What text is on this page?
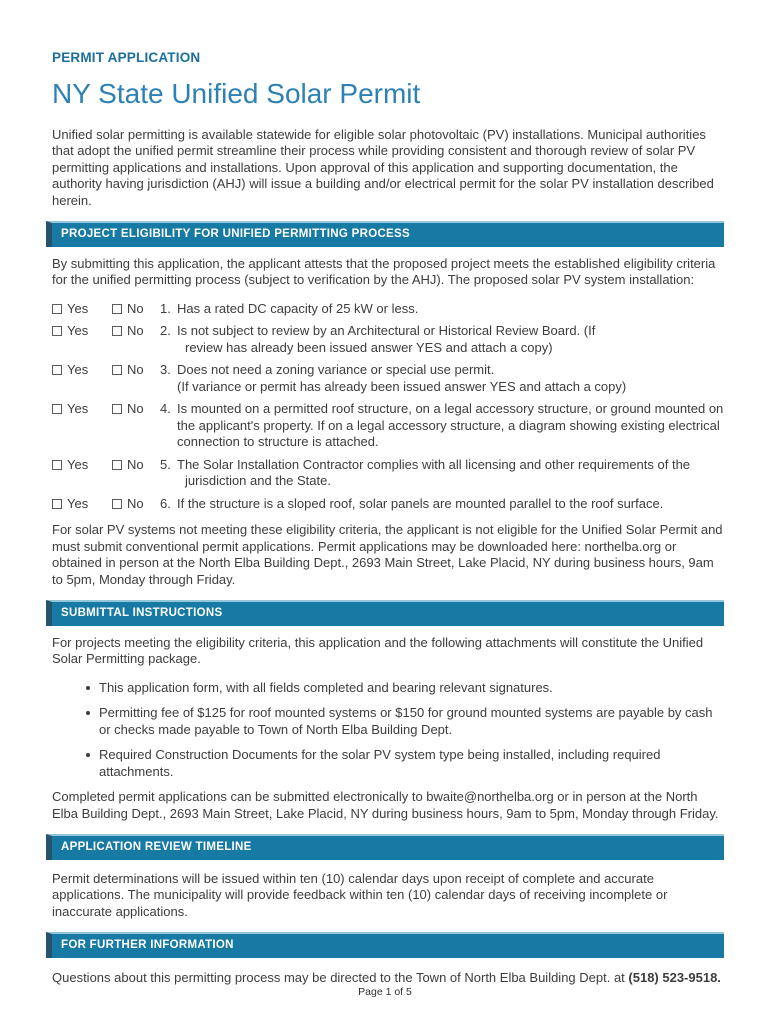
PERMIT APPLICATION
NY State Unified Solar Permit

Unified solar permitting is available statewide for eligible solar photovoltaic (PV) installations. Municipal authorities that adopt the unified permit streamline their process while providing consistent and thorough review of solar PV permitting applications and installations. Upon approval of this application and supporting documentation, the authority having jurisdiction (AHJ) will issue a building and/or electrical permit for the solar PV installation described herein.

PROJECT ELIGIBILITY FOR UNIFIED PERMITTING PROCESS

By submitting this application, the applicant attests that the proposed project meets the established eligibility criteria for the unified permitting process (subject to verification by the AHJ). The proposed solar PV system installation:

Yes	No	1. Has a rated DC capacity of 25 kW or less.
Yes	No	2. Is not subject to review by an Architectural or Historical Review Board. (If
review has already been issued answer YES and attach a copy)
Yes	No	3. Does not need a zoning variance or special use permit.
(If variance or permit has already been issued answer YES and attach a copy)
Yes	No	4. Is mounted on a permitted roof structure, on a legal accessory structure, or ground mounted on
the applicant's property. If on a legal accessory structure, a diagram showing existing electrical
connection to structure is attached.
Yes	No	5. The Solar Installation Contractor complies with all licensing and other requirements of the
jurisdiction and the State.
Yes	No	6. If the structure is a sloped roof, solar panels are mounted parallel to the roof surface.

For solar PV systems not meeting these eligibility criteria, the applicant is not eligible for the Unified Solar Permit and must submit conventional permit applications. Permit applications may be downloaded here: northelba.org or obtained in person at the North Elba Building Dept., 2693 Main Street, Lake Placid, NY during business hours, 9am to 5pm, Monday through Friday.

SUBMITTAL INSTRUCTIONS

For projects meeting the eligibility criteria, this application and the following attachments will constitute the Unified Solar Permitting package.

This application form, with all fields completed and bearing relevant signatures.
Permitting fee of $125 for roof mounted systems or $150 for ground mounted systems are payable by cash or checks made payable to Town of North Elba Building Dept.
Required Construction Documents for the solar PV system type being installed, including required attachments.

Completed permit applications can be submitted electronically to bwaite@northelba.org or in person at the North Elba Building Dept., 2693 Main Street, Lake Placid, NY during business hours, 9am to 5pm, Monday through Friday.

APPLICATION REVIEW TIMELINE

Permit determinations will be issued within ten (10) calendar days upon receipt of complete and accurate applications. The municipality will provide feedback within ten (10) calendar days of receiving incomplete or inaccurate applications.

FOR FURTHER INFORMATION

Questions about this permitting process may be directed to the Town of North Elba Building Dept. at (518) 523-9518.

Page 1 of 5
